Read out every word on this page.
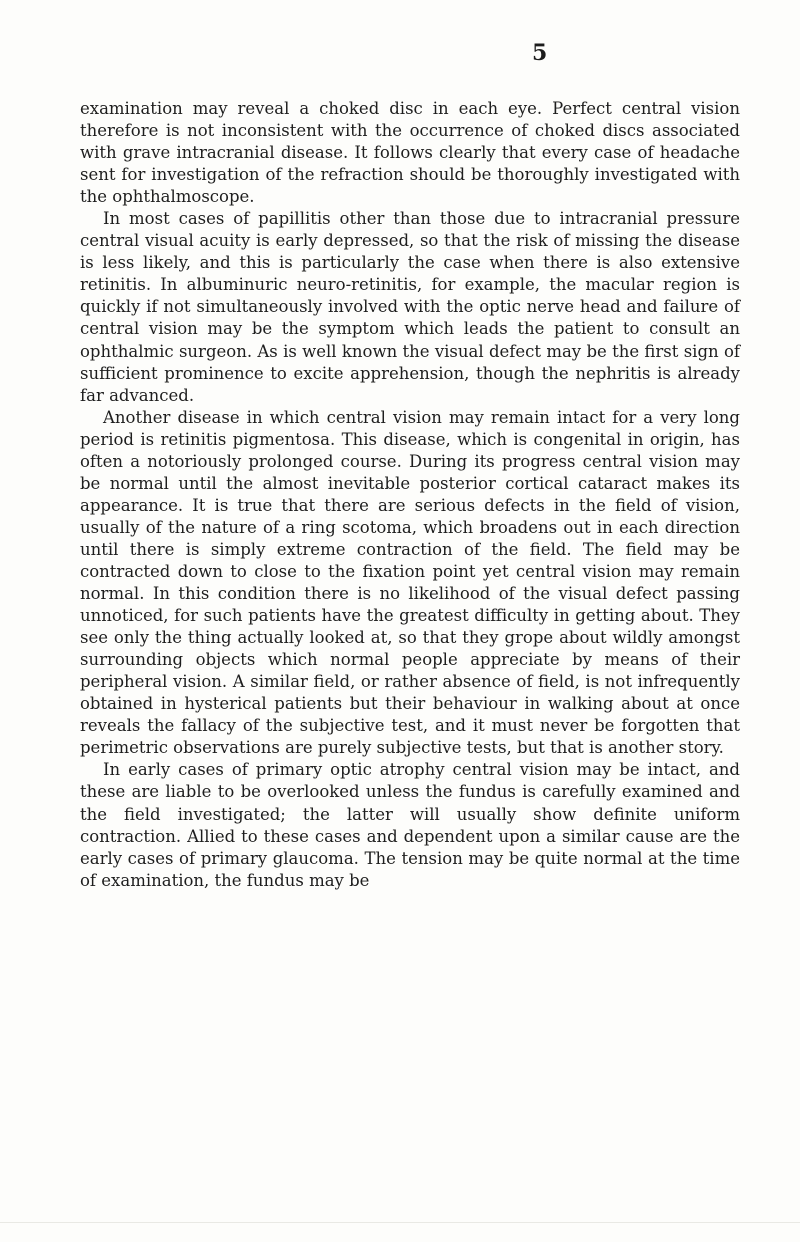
5

examination may reveal a choked disc in each eye. Perfect central vision therefore is not inconsistent with the occurrence of choked discs associated with grave intracranial disease. It follows clearly that every case of headache sent for investigation of the refraction should be thoroughly investigated with the ophthalmoscope.

In most cases of papillitis other than those due to intracranial pressure central visual acuity is early depressed, so that the risk of missing the disease is less likely, and this is particularly the case when there is also extensive retinitis. In albuminuric neuro-retinitis, for example, the macular region is quickly if not simultaneously involved with the optic nerve head and failure of central vision may be the symptom which leads the patient to consult an ophthalmic surgeon. As is well known the visual defect may be the first sign of sufficient prominence to excite apprehension, though the nephritis is already far advanced.

Another disease in which central vision may remain intact for a very long period is retinitis pigmentosa. This disease, which is congenital in origin, has often a notoriously prolonged course. During its progress central vision may be normal until the almost inevitable posterior cortical cataract makes its appearance. It is true that there are serious defects in the field of vision, usually of the nature of a ring scotoma, which broadens out in each direction until there is simply extreme contraction of the field. The field may be contracted down to close to the fixation point yet central vision may remain normal. In this condition there is no likelihood of the visual defect passing unnoticed, for such patients have the greatest difficulty in getting about. They see only the thing actually looked at, so that they grope about wildly amongst surrounding objects which normal people appreciate by means of their peripheral vision. A similar field, or rather absence of field, is not infrequently obtained in hysterical patients but their behaviour in walking about at once reveals the fallacy of the subjective test, and it must never be forgotten that perimetric observations are purely subjective tests, but that is another story.

In early cases of primary optic atrophy central vision may be intact, and these are liable to be overlooked unless the fundus is carefully examined and the field investigated; the latter will usually show definite uniform contraction. Allied to these cases and dependent upon a similar cause are the early cases of primary glaucoma. The tension may be quite normal at the time of examination, the fundus may be
